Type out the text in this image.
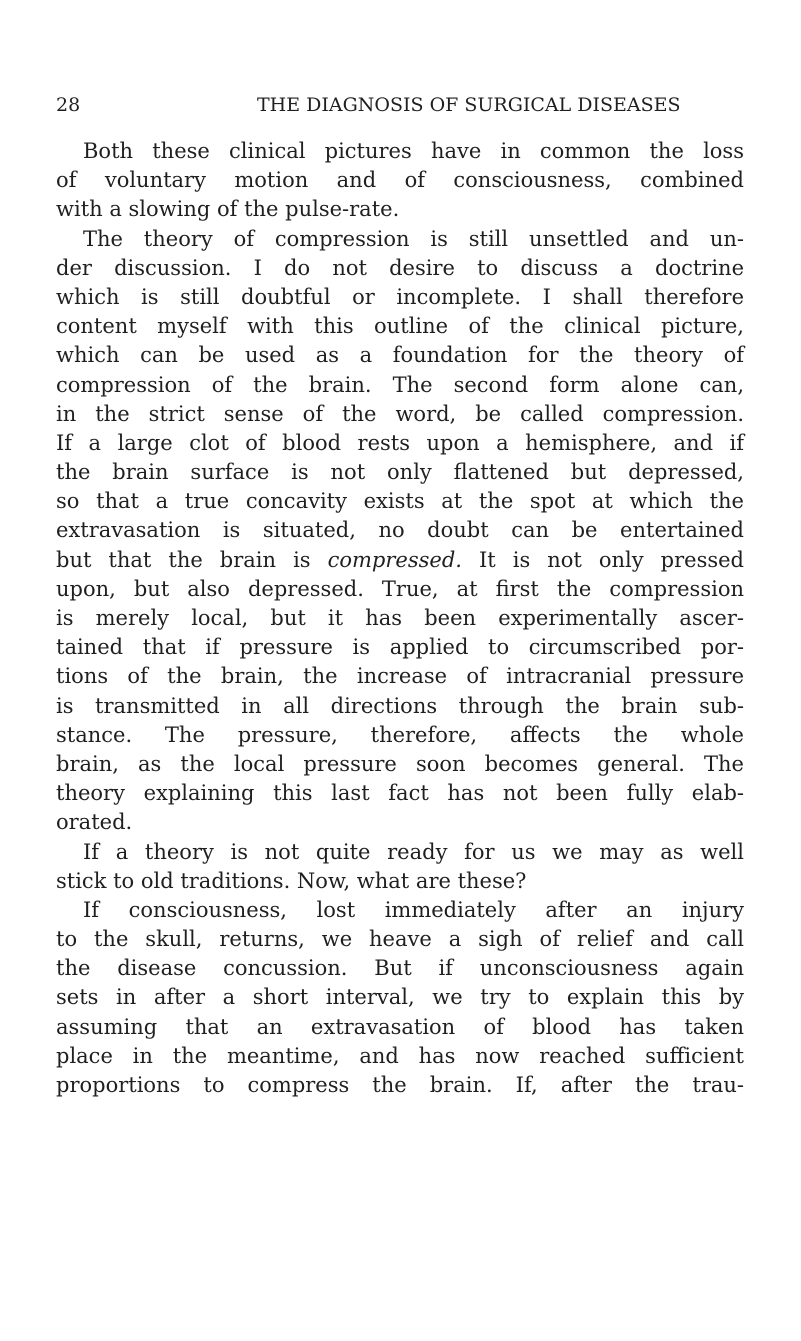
28	THE DIAGNOSIS OF SURGICAL DISEASES
Both these clinical pictures have in common the loss
of voluntary motion and of consciousness, combined
with a slowing of the pulse-rate.
The theory of compression is still unsettled and un-
der discussion. I do not desire to discuss a doctrine
which is still doubtful or incomplete. I shall therefore
content myself with this outline of the clinical picture,
which can be used as a foundation for the theory of
compression of the brain. The second form alone can,
in the strict sense of the word, be called compression.
If a large clot of blood rests upon a hemisphere, and if
the brain surface is not only flattened but depressed,
so that a true concavity exists at the spot at which the
extravasation is situated, no doubt can be entertained
but that the brain is compressed. It is not only pressed
upon, but also depressed. True, at first the compression
is merely local, but it has been experimentally ascer-
tained that if pressure is applied to circumscribed por-
tions of the brain, the increase of intracranial pressure
is transmitted in all directions through the brain sub-
stance. The pressure, therefore, affects the whole
brain, as the local pressure soon becomes general. The
theory explaining this last fact has not been fully elab-
orated.
If a theory is not quite ready for us we may as well
stick to old traditions. Now, what are these?
If consciousness, lost immediately after an injury
to the skull, returns, we heave a sigh of relief and call
the disease concussion. But if unconsciousness again
sets in after a short interval, we try to explain this by
assuming that an extravasation of blood has taken
place in the meantime, and has now reached sufficient
proportions to compress the brain. If, after the trau-
